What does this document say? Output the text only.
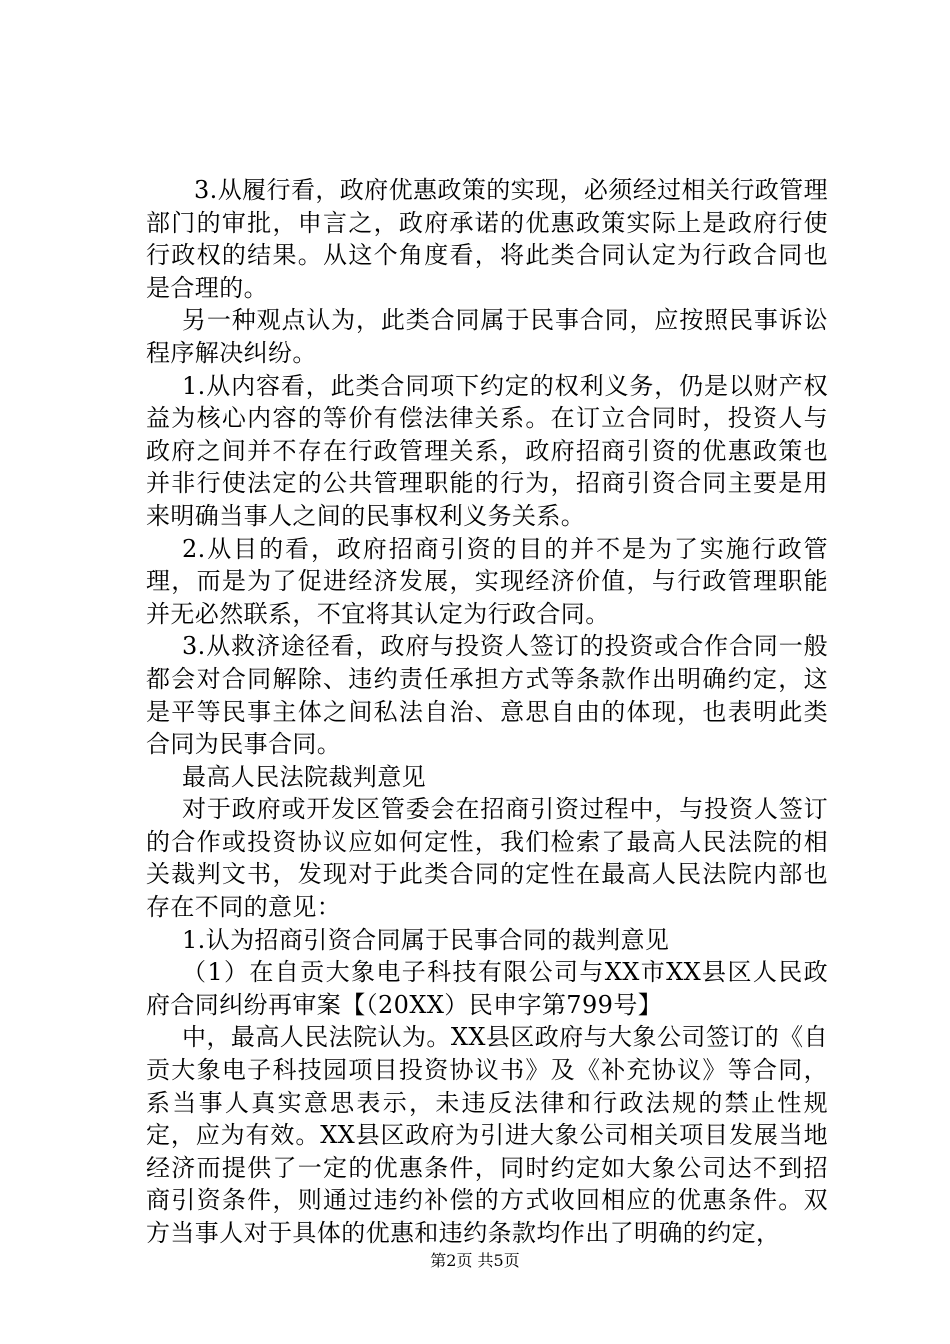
3.从履行看，政府优惠政策的实现，必须经过相关行政管理部门的审批，申言之，政府承诺的优惠政策实际上是政府行使行政权的结果。从这个角度看，将此类合同认定为行政合同也是合理的。

另一种观点认为，此类合同属于民事合同，应按照民事诉讼程序解决纠纷。

1.从内容看，此类合同项下约定的权利义务，仍是以财产权益为核心内容的等价有偿法律关系。在订立合同时，投资人与政府之间并不存在行政管理关系，政府招商引资的优惠政策也并非行使法定的公共管理职能的行为，招商引资合同主要是用来明确当事人之间的民事权利义务关系。

2.从目的看，政府招商引资的目的并不是为了实施行政管理，而是为了促进经济发展，实现经济价值，与行政管理职能并无必然联系，不宜将其认定为行政合同。

3.从救济途径看，政府与投资人签订的投资或合作合同一般都会对合同解除、违约责任承担方式等条款作出明确约定，这是平等民事主体之间私法自治、意思自由的体现，也表明此类合同为民事合同。

最高人民法院裁判意见

对于政府或开发区管委会在招商引资过程中，与投资人签订的合作或投资协议应如何定性，我们检索了最高人民法院的相关裁判文书，发现对于此类合同的定性在最高人民法院内部也存在不同的意见：

1.认为招商引资合同属于民事合同的裁判意见

（1）在自贡大象电子科技有限公司与XX市XX县区人民政府合同纠纷再审案【（20XX）民申字第799号】

中，最高人民法院认为。XX县区政府与大象公司签订的《自贡大象电子科技园项目投资协议书》及《补充协议》等合同，系当事人真实意思表示，未违反法律和行政法规的禁止性规定，应为有效。XX县区政府为引进大象公司相关项目发展当地经济而提供了一定的优惠条件，同时约定如大象公司达不到招商引资条件，则通过违约补偿的方式收回相应的优惠条件。双方当事人对于具体的优惠和违约条款均作出了明确的约定，

第2页 共5页
